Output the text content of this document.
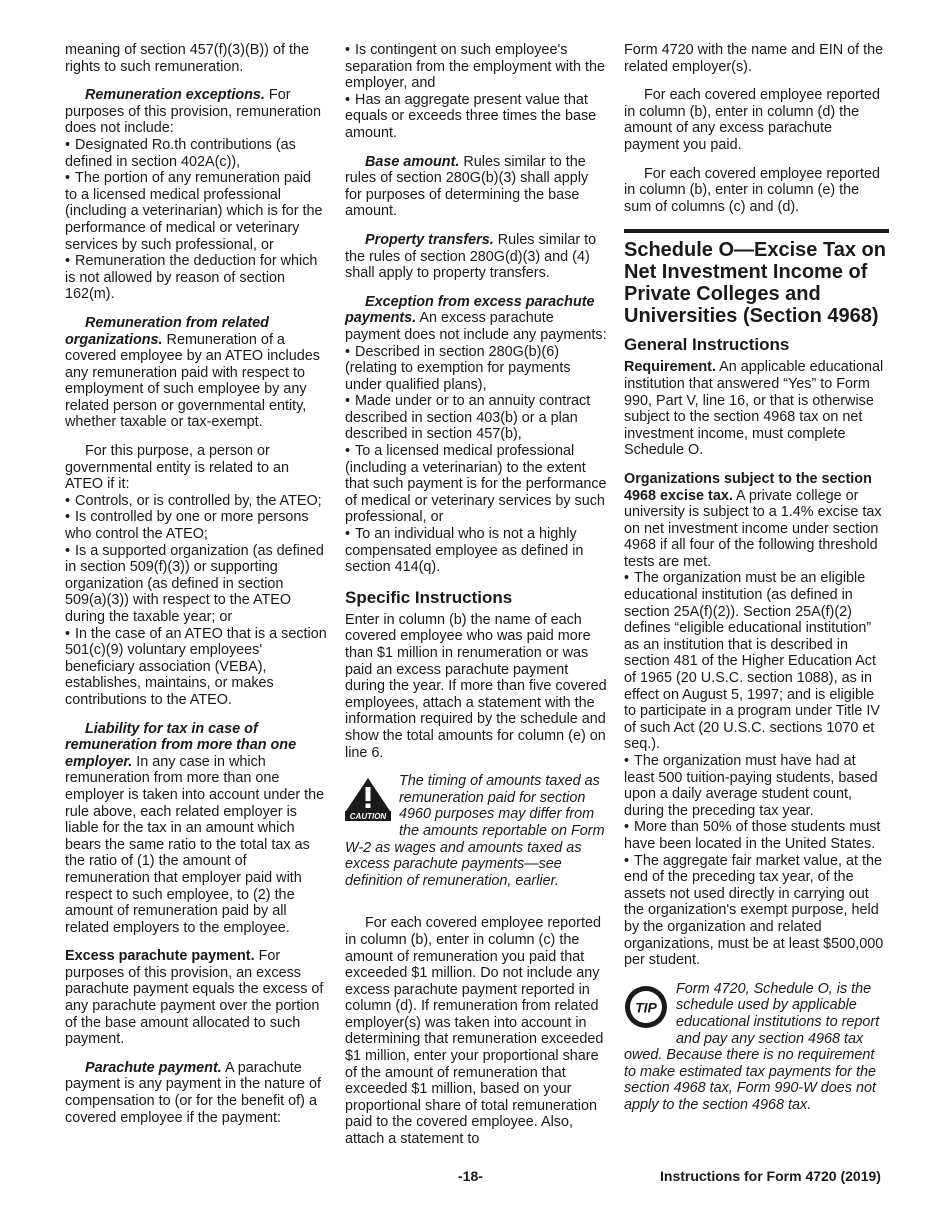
meaning of section 457(f)(3)(B)) of the rights to such remuneration.

Remuneration exceptions. For purposes of this provision, remuneration does not include:

• Designated Ro.th contributions (as defined in section 402A(c)),
• The portion of any remuneration paid to a licensed medical professional (including a veterinarian) which is for the performance of medical or veterinary services by such professional, or
• Remuneration the deduction for which is not allowed by reason of section 162(m).

Remuneration from related organizations. Remuneration of a covered employee by an ATEO includes any remuneration paid with respect to employment of such employee by any related person or governmental entity, whether taxable or tax-exempt.

For this purpose, a person or governmental entity is related to an ATEO if it:

• Controls, or is controlled by, the ATEO;
• Is controlled by one or more persons who control the ATEO;
• Is a supported organization (as defined in section 509(f)(3)) or supporting organization (as defined in section 509(a)(3)) with respect to the ATEO during the taxable year; or
• In the case of an ATEO that is a section 501(c)(9) voluntary employees' beneficiary association (VEBA), establishes, maintains, or makes contributions to the ATEO.

Liability for tax in case of remuneration from more than one employer. In any case in which remuneration from more than one employer is taken into account under the rule above, each related employer is liable for the tax in an amount which bears the same ratio to the total tax as the ratio of (1) the amount of remuneration that employer paid with respect to such employee, to (2) the amount of remuneration paid by all related employers to the employee.

Excess parachute payment. For purposes of this provision, an excess parachute payment equals the excess of any parachute payment over the portion of the base amount allocated to such payment.

Parachute payment. A parachute payment is any payment in the nature of compensation to (or for the benefit of) a covered employee if the payment:

• Is contingent on such employee's separation from the employment with the employer, and
• Has an aggregate present value that equals or exceeds three times the base amount.

Base amount. Rules similar to the rules of section 280G(b)(3) shall apply for purposes of determining the base amount.

Property transfers. Rules similar to the rules of section 280G(d)(3) and (4) shall apply to property transfers.

Exception from excess parachute payments. An excess parachute payment does not include any payments:

• Described in section 280G(b)(6) (relating to exemption for payments under qualified plans),
• Made under or to an annuity contract described in section 403(b) or a plan described in section 457(b),
• To a licensed medical professional (including a veterinarian) to the extent that such payment is for the performance of medical or veterinary services by such professional, or
• To an individual who is not a highly compensated employee as defined in section 414(q).
Specific Instructions

Enter in column (b) the name of each covered employee who was paid more than $1 million in renumeration or was paid an excess parachute payment during the year. If more than five covered employees, attach a statement with the information required by the schedule and show the total amounts for column (e) on line 6.

CAUTION
The timing of amounts taxed as remuneration paid for section 4960 purposes may differ from the amounts reportable on Form W-2 as wages and amounts taxed as excess parachute payments—see definition of remuneration, earlier.

For each covered employee reported in column (b), enter in column (c) the amount of remuneration you paid that exceeded $1 million. Do not include any excess parachute payment reported in column (d). If remuneration from related employer(s) was taken into account in determining that remuneration exceeded $1 million, enter your proportional share of the amount of remuneration that exceeded $1 million, based on your proportional share of total remuneration paid to the covered employee. Also, attach a statement to

Form 4720 with the name and EIN of the related employer(s).

For each covered employee reported in column (b), enter in column (d) the amount of any excess parachute payment you paid.

For each covered employee reported in column (b), enter in column (e) the sum of columns (c) and (d).

Schedule O—Excise Tax on Net Investment Income of Private Colleges and Universities (Section 4968)
General Instructions

Requirement. An applicable educational institution that answered “Yes” to Form 990, Part V, line 16, or that is otherwise subject to the section 4968 tax on net investment income, must complete Schedule O.

Organizations subject to the section 4968 excise tax. A private college or university is subject to a 1.4% excise tax on net investment income under section 4968 if all four of the following threshold tests are met.

• The organization must be an eligible educational institution (as defined in section 25A(f)(2)). Section 25A(f)(2) defines “eligible educational institution” as an institution that is described in section 481 of the Higher Education Act of 1965 (20 U.S.C. section 1088), as in effect on August 5, 1997; and is eligible to participate in a program under Title IV of such Act (20 U.S.C. sections 1070 et seq.).
• The organization must have had at least 500 tuition-paying students, based upon a daily average student count, during the preceding tax year.
• More than 50% of those students must have been located in the United States.
• The aggregate fair market value, at the end of the preceding tax year, of the assets not used directly in carrying out the organization's exempt purpose, held by the organization and related organizations, must be at least $500,000 per student.
TIP
Form 4720, Schedule O, is the schedule used by applicable educational institutions to report and pay any section 4968 tax owed. Because there is no requirement to make estimated tax payments for the section 4968 tax, Form 990-W does not apply to the section 4968 tax.
-18-	Instructions for Form 4720 (2019)
